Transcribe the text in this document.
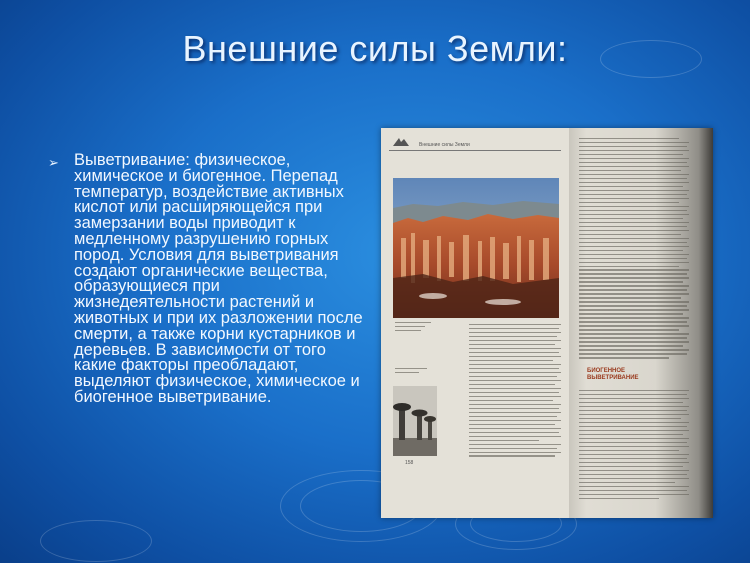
Внешние силы Земли:
➢ Выветривание: физическое, химическое и биогенное. Перепад температур, воздействие активных кислот или расширяющейся при замерзании воды приводит к медленному разрушению горных пород. Условия для выветривания создают органические вещества, образующиеся при жизнедеятельности растений и животных и при их разложении после смерти, а также корни кустарников и деревьев. В зависимости от того какие факторы преобладают, выделяют физическое, химическое и биогенное выветривание.
Внешние силы Земли
158
БИОГЕННОЕ ВЫВЕТРИВАНИЕ
